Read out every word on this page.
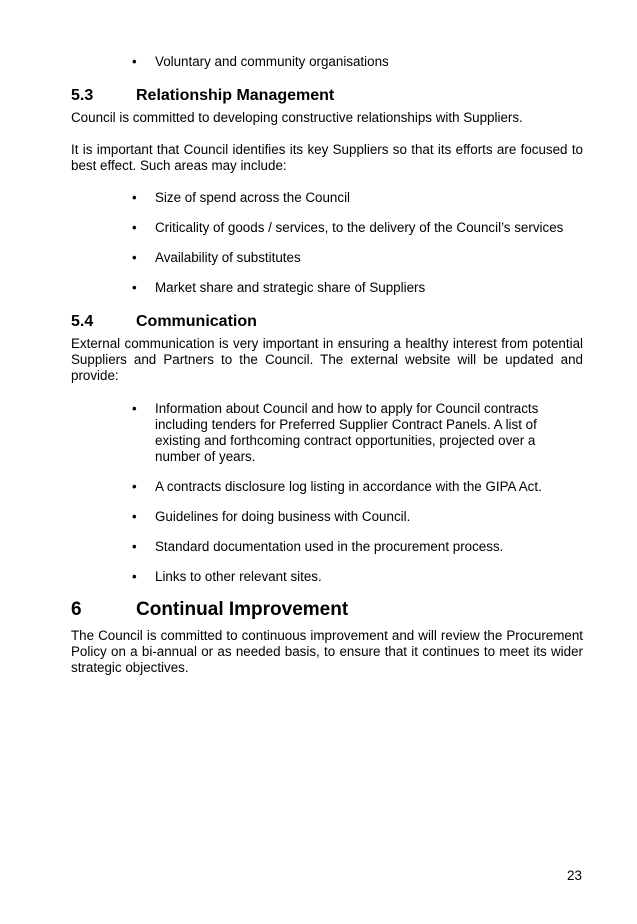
• Voluntary and community organisations
5.3	Relationship Management
Council is committed to developing constructive relationships with Suppliers.
It is important that Council identifies its key Suppliers so that its efforts are focused to best effect. Such areas may include:
• Size of spend across the Council
• Criticality of goods / services, to the delivery of the Council’s services
• Availability of substitutes
• Market share and strategic share of Suppliers
5.4	Communication
External communication is very important in ensuring a healthy interest from potential Suppliers and Partners to the Council. The external website will be updated and provide:
• Information about Council and how to apply for Council contracts including tenders for Preferred Supplier Contract Panels. A list of existing and forthcoming contract opportunities, projected over a number of years.
• A contracts disclosure log listing in accordance with the GIPA Act.
• Guidelines for doing business with Council.
• Standard documentation used in the procurement process.
• Links to other relevant sites.
6	Continual Improvement
The Council is committed to continuous improvement and will review the Procurement Policy on a bi-annual or as needed basis, to ensure that it continues to meet its wider strategic objectives.
23
